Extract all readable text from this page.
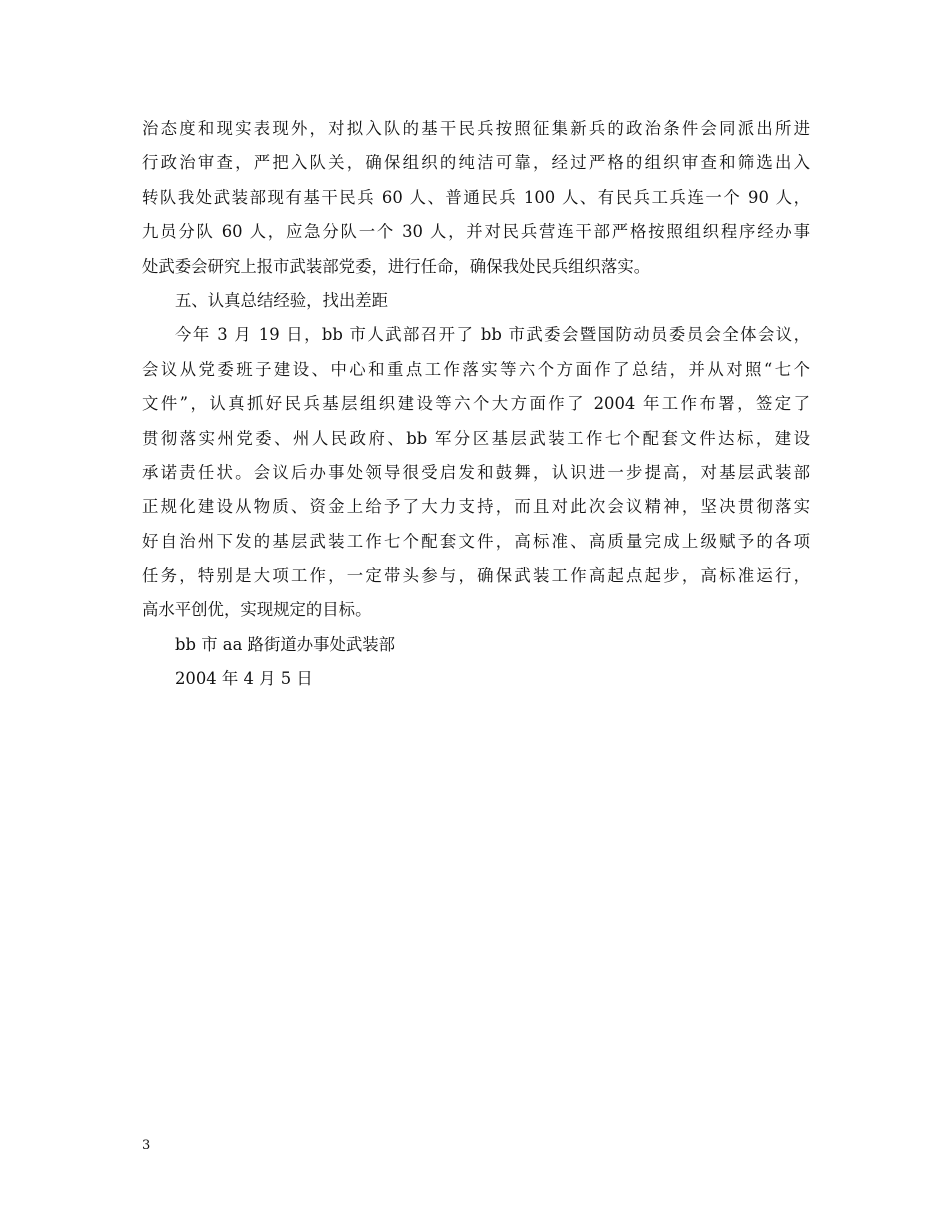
治态度和现实表现外，对拟入队的基干民兵按照征集新兵的政治条件会同派出所进
行政治审查，严把入队关，确保组织的纯洁可靠，经过严格的组织审查和筛选出入
转队我处武装部现有基干民兵 60 人、普通民兵 100 人、有民兵工兵连一个 90 人，
九员分队 60 人，应急分队一个 30 人，并对民兵营连干部严格按照组织程序经办事
处武委会研究上报市武装部党委，进行任命，确保我处民兵组织落实。
五、认真总结经验，找出差距
今年 3 月 19 日，bb 市人武部召开了 bb 市武委会暨国防动员委员会全体会议，
会议从党委班子建设、中心和重点工作落实等六个方面作了总结，并从对照“七个
文件”，认真抓好民兵基层组织建设等六个大方面作了 2004 年工作布署，签定了
贯彻落实州党委、州人民政府、bb 军分区基层武装工作七个配套文件达标，建设
承诺责任状。会议后办事处领导很受启发和鼓舞，认识进一步提高，对基层武装部
正规化建设从物质、资金上给予了大力支持，而且对此次会议精神，坚决贯彻落实
好自治州下发的基层武装工作七个配套文件，高标准、高质量完成上级赋予的各项
任务，特别是大项工作，一定带头参与，确保武装工作高起点起步，高标准运行，
高水平创优，实现规定的目标。
bb 市 aa 路街道办事处武装部
2004 年 4 月 5 日
3
